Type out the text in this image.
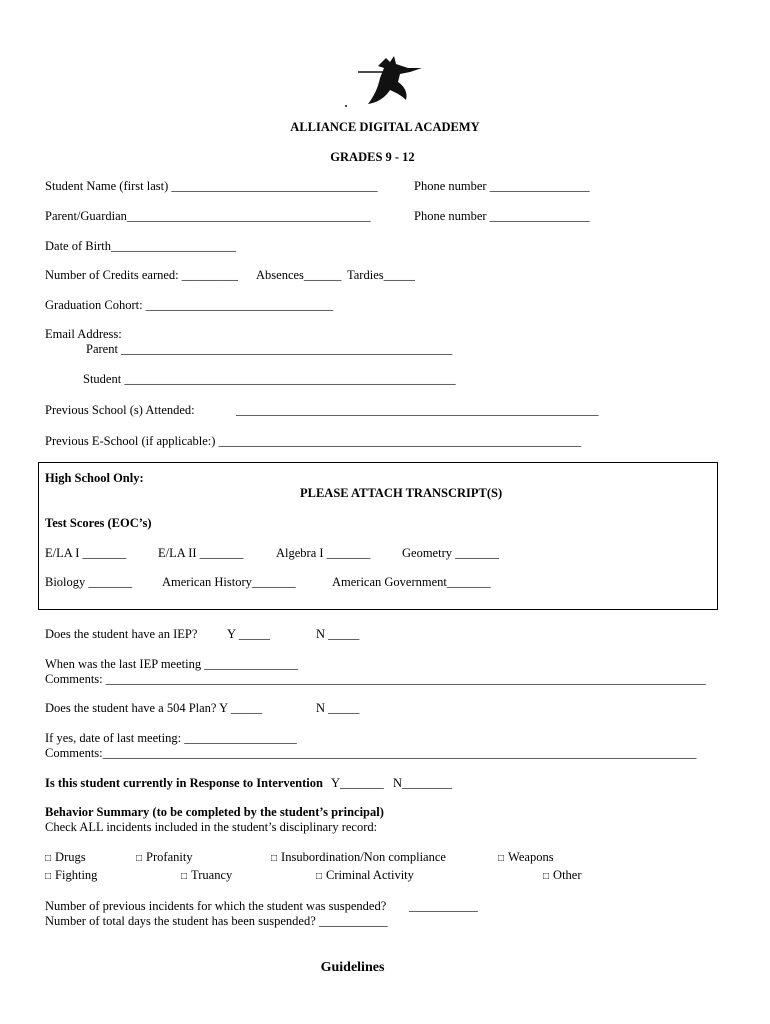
ALLIANCE DIGITAL ACADEMY
GRADES 9 - 12
Student Name (first last) _________________________________	Phone number ________________
Parent/Guardian_______________________________________	Phone number ________________
Date of Birth____________________
Number of Credits earned: _________ Absences______ Tardies_____
Graduation Cohort: ______________________________
Email Address:
Parent _____________________________________________________
Student _____________________________________________________
Previous School (s) Attended:	__________________________________________________________
Previous E-School (if applicable:) __________________________________________________________
High School Only:
PLEASE ATTACH TRANSCRIPT(S)
Test Scores (EOC’s)
E/LA I _______	E/LA II _______	Algebra I _______	Geometry _______
Biology _______ American History_______	American Government_______
Does the student have an IEP? Y _____	N _____
When was the last IEP meeting _______________
Comments: ________________________________________________________________________________________________
Does the student have a 504 Plan? Y _____	N _____
If yes, date of last meeting: __________________
Comments:_______________________________________________________________________________________________
Is this student currently in Response to Intervention Y_______ N________
Behavior Summary (to be completed by the student’s principal)
Check ALL incidents included in the student’s disciplinary record:
□ Drugs	□ Profanity	□ Insubordination/Non compliance	□ Weapons
□ Fighting	□ Truancy	□ Criminal Activity	□ Other
Number of previous incidents for which the student was suspended? ___________
Number of total days the student has been suspended? ___________
Guidelines
